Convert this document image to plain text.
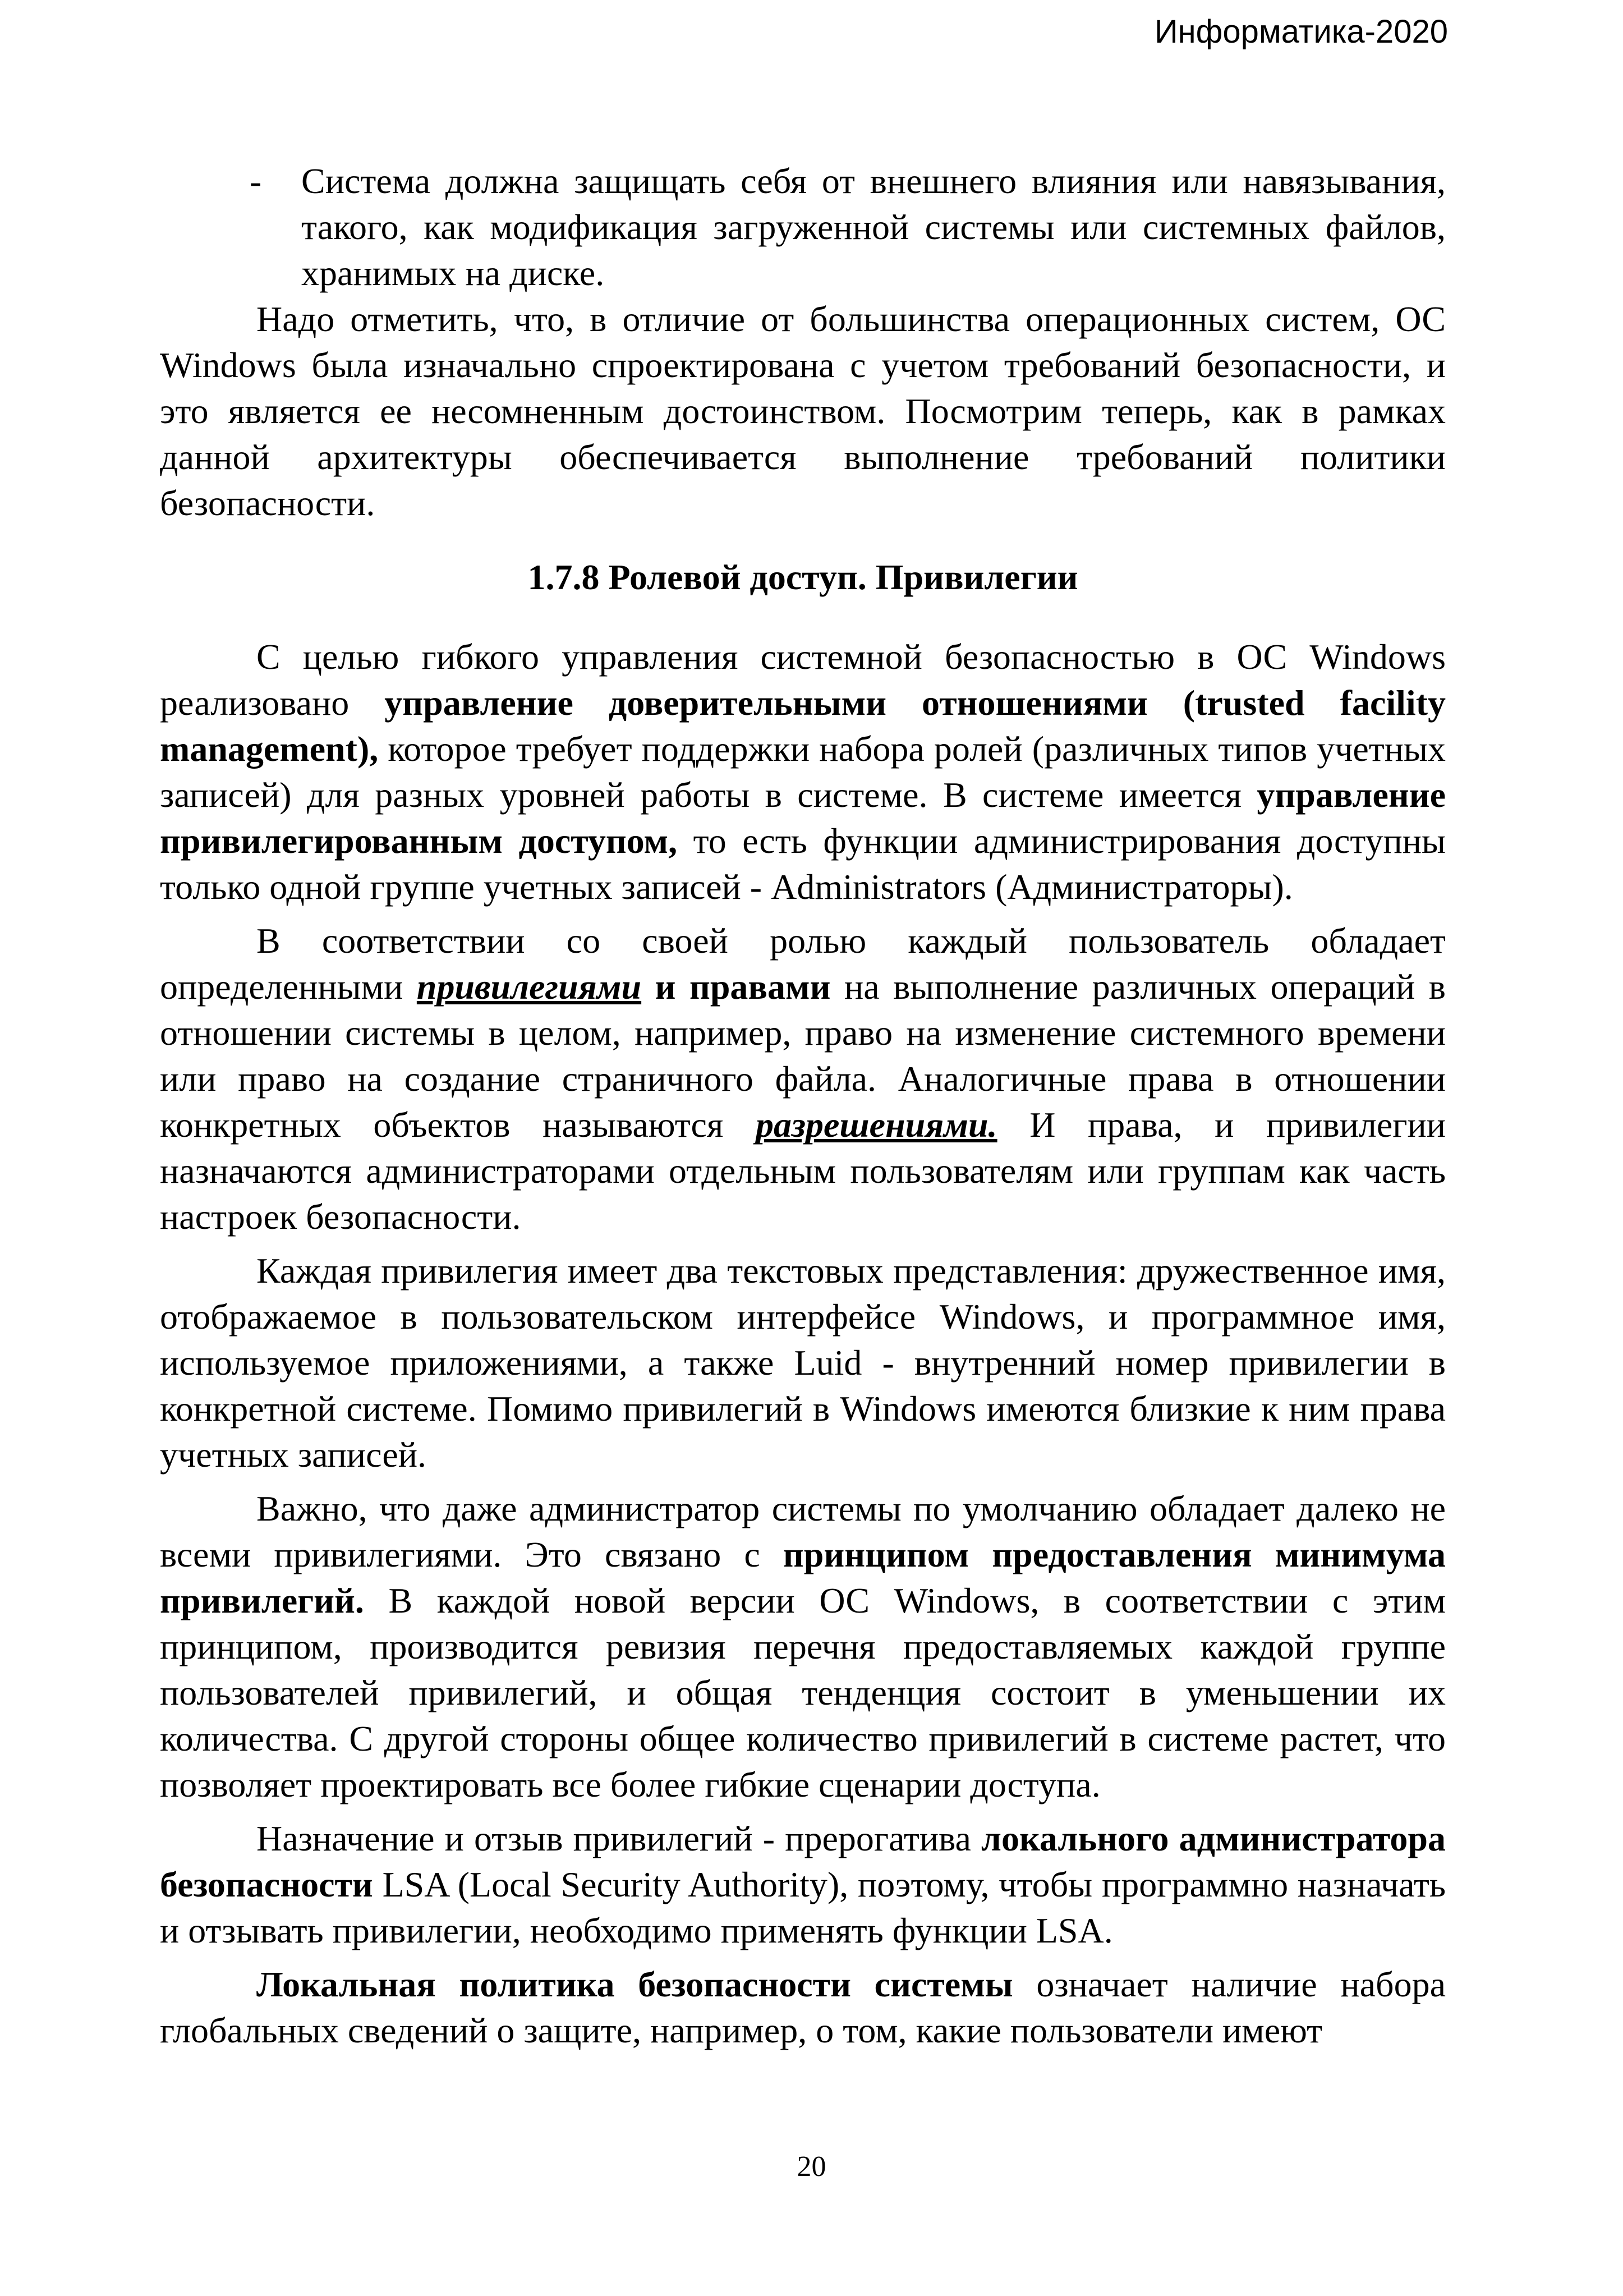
Информатика-2020
- Система должна защищать себя от внешнего влияния или навязывания, такого, как модификация загруженной системы или системных файлов, хранимых на диске.

Надо отметить, что, в отличие от большинства операционных систем, ОС Windows была изначально спроектирована с учетом требований безопасности, и это является ее несомненным достоинством. Посмотрим теперь, как в рамках данной архитектуры обеспечивается выполнение требований политики безопасности.

1.7.8 Ролевой доступ. Привилегии

С целью гибкого управления системной безопасностью в ОС Windows реализовано управление доверительными отношениями (trusted facility management), которое требует поддержки набора ролей (различных типов учетных записей) для разных уровней работы в системе. В системе имеется управление привилегированным доступом, то есть функции администрирования доступны только одной группе учетных записей - Administrators (Администраторы).

В соответствии со своей ролью каждый пользователь обладает определенными привилегиями и правами на выполнение различных операций в отношении системы в целом, например, право на изменение системного времени или право на создание страничного файла. Аналогичные права в отношении конкретных объектов называются разрешениями. И права, и привилегии назначаются администраторами отдельным пользователям или группам как часть настроек безопасности.

Каждая привилегия имеет два текстовых представления: дружественное имя, отображаемое в пользовательском интерфейсе Windows, и программное имя, используемое приложениями, а также Luid - внутренний номер привилегии в конкретной системе. Помимо привилегий в Windows имеются близкие к ним права учетных записей.

Важно, что даже администратор системы по умолчанию обладает далеко не всеми привилегиями. Это связано с принципом предоставления минимума привилегий. В каждой новой версии ОС Windows, в соответствии с этим принципом, производится ревизия перечня предоставляемых каждой группе пользователей привилегий, и общая тенденция состоит в уменьшении их количества. С другой стороны общее количество привилегий в системе растет, что позволяет проектировать все более гибкие сценарии доступа.

Назначение и отзыв привилегий - прерогатива локального администратора безопасности LSA (Local Security Authority), поэтому, чтобы программно назначать и отзывать привилегии, необходимо применять функции LSA.

Локальная политика безопасности системы означает наличие набора глобальных сведений о защите, например, о том, какие пользователи имеют

20
